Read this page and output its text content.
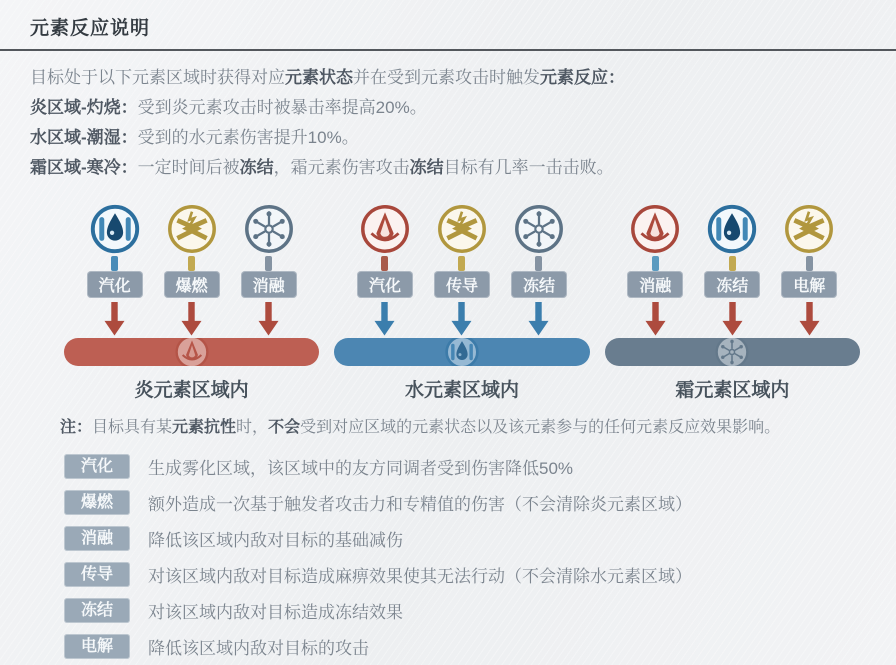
元素反应说明

目标处于以下元素区域时获得对应元素状态并在受到元素攻击时触发元素反应：

炎区域-灼烧：受到炎元素攻击时被暴击率提高20%。

水区域-潮湿：受到的水元素伤害提升10%。

霜区域-寒冷：一定时间后被冻结，霜元素伤害攻击冻结目标有几率一击击败。

汽化	爆燃	消融
炎元素区域内
汽化	传导	冻结
水元素区域内
消融	冻结	电解
霜元素区域内

注：目标具有某元素抗性时，不会受到对应区域的元素状态以及该元素参与的任何元素反应效果影响。

汽化	生成雾化区域，该区域中的友方同调者受到伤害降低50%
爆燃	额外造成一次基于触发者攻击力和专精值的伤害（不会清除炎元素区域）
消融	降低该区域内敌对目标的基础减伤
传导	对该区域内敌对目标造成麻痹效果使其无法行动（不会清除水元素区域）
冻结	对该区域内敌对目标造成冻结效果
电解	降低该区域内敌对目标的攻击
